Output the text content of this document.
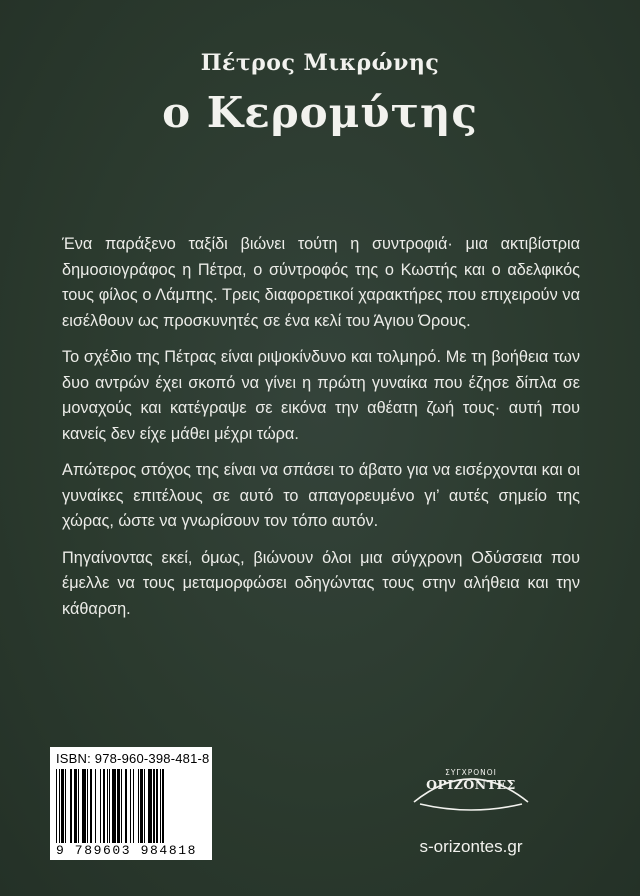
Πέτρος Μικρώνης
ο Κερομύτης

Ένα παράξενο ταξίδι βιώνει τούτη η συντροφιά· μια ακτιβίστρια δημοσιογράφος η Πέτρα, ο σύντροφός της ο Κωστής και ο αδελφικός τους φίλος ο Λάμπης. Τρεις διαφορετικοί χαρακτήρες που επιχειρούν να εισέλθουν ως προσκυνητές σε ένα κελί του Άγιου Όρους.

Το σχέδιο της Πέτρας είναι ριψοκίνδυνο και τολμηρό. Με τη βοήθεια των δυο αντρών έχει σκοπό να γίνει η πρώτη γυναίκα που έζησε δίπλα σε μοναχούς και κατέγραψε σε εικόνα την αθέατη ζωή τους· αυτή που κανείς δεν είχε μάθει μέχρι τώρα.

Απώτερος στόχος της είναι να σπάσει το άβατο για να εισέρχονται και οι γυναίκες επιτέλους σε αυτό το απαγορευμένο γι’ αυτές σημείο της χώρας, ώστε να γνωρίσουν τον τόπο αυτόν.

Πηγαίνοντας εκεί, όμως, βιώνουν όλοι μια σύγχρονη Οδύσσεια που έμελλε να τους μεταμορφώσει οδηγώντας τους στην αλήθεια και την κάθαρση.

ISBN: 978-960-398-481-8
9 789603 984818
ΣΥΓΧΡΟΝΟΙ
ΟΡΙΖΟΝΤΕΣ
s-orizontes.gr
